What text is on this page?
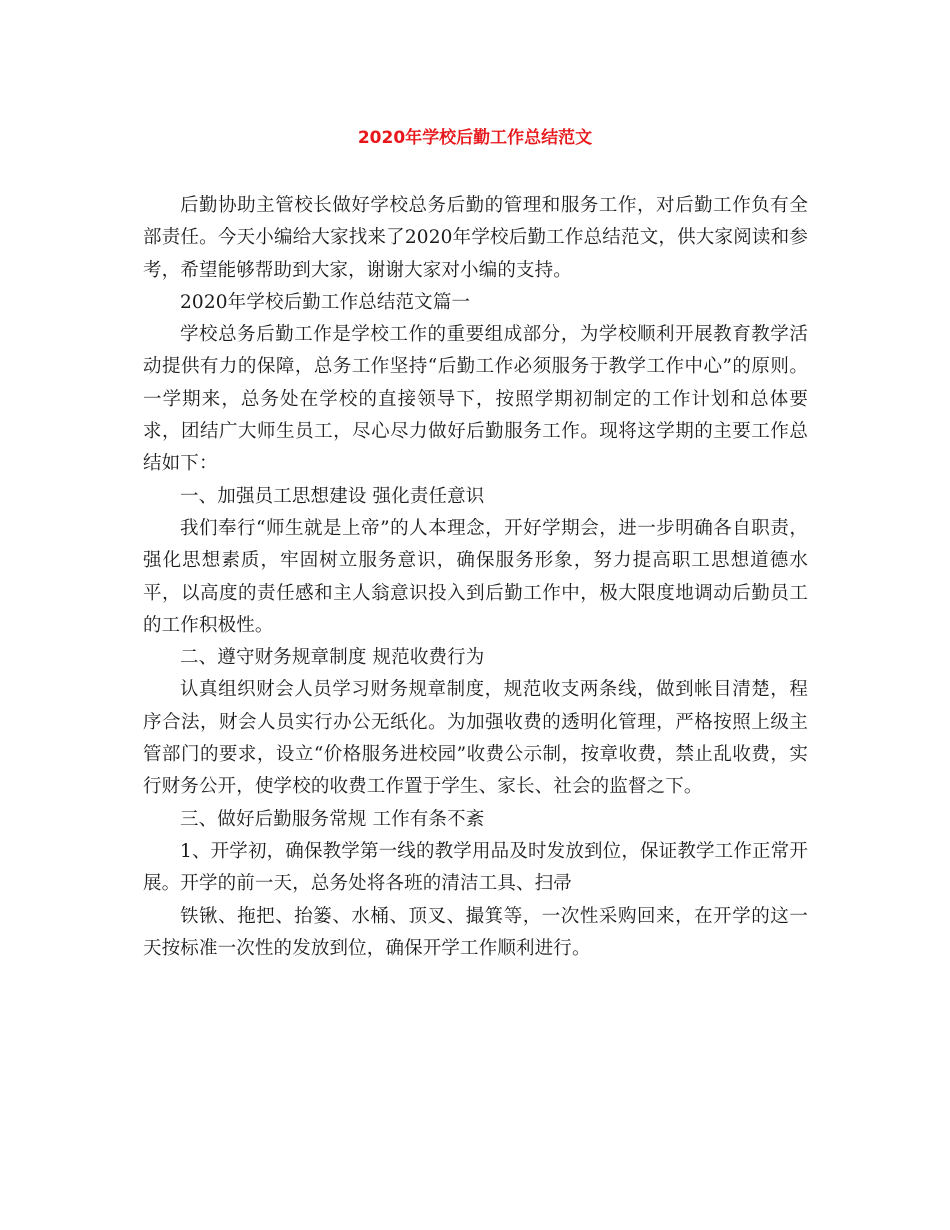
2020年学校后勤工作总结范文

后勤协助主管校长做好学校总务后勤的管理和服务工作，对后勤工作负有全部责任。今天小编给大家找来了2020年学校后勤工作总结范文，供大家阅读和参考，希望能够帮助到大家，谢谢大家对小编的支持。

2020年学校后勤工作总结范文篇一

学校总务后勤工作是学校工作的重要组成部分，为学校顺利开展教育教学活动提供有力的保障，总务工作坚持“后勤工作必须服务于教学工作中心”的原则。一学期来，总务处在学校的直接领导下，按照学期初制定的工作计划和总体要求，团结广大师生员工，尽心尽力做好后勤服务工作。现将这学期的主要工作总结如下：

一、加强员工思想建设 强化责任意识

我们奉行“师生就是上帝”的人本理念，开好学期会，进一步明确各自职责，强化思想素质，牢固树立服务意识，确保服务形象，努力提高职工思想道德水平，以高度的责任感和主人翁意识投入到后勤工作中，极大限度地调动后勤员工的工作积极性。

二、遵守财务规章制度 规范收费行为

认真组织财会人员学习财务规章制度，规范收支两条线，做到帐目清楚，程序合法，财会人员实行办公无纸化。为加强收费的透明化管理，严格按照上级主管部门的要求，设立“价格服务进校园”收费公示制，按章收费，禁止乱收费，实行财务公开，使学校的收费工作置于学生、家长、社会的监督之下。

三、做好后勤服务常规 工作有条不紊

1、开学初，确保教学第一线的教学用品及时发放到位，保证教学工作正常开展。开学的前一天，总务处将各班的清洁工具、扫帚

铁锹、拖把、抬篓、水桶、顶叉、撮箕等，一次性采购回来，在开学的这一天按标准一次性的发放到位，确保开学工作顺利进行。
